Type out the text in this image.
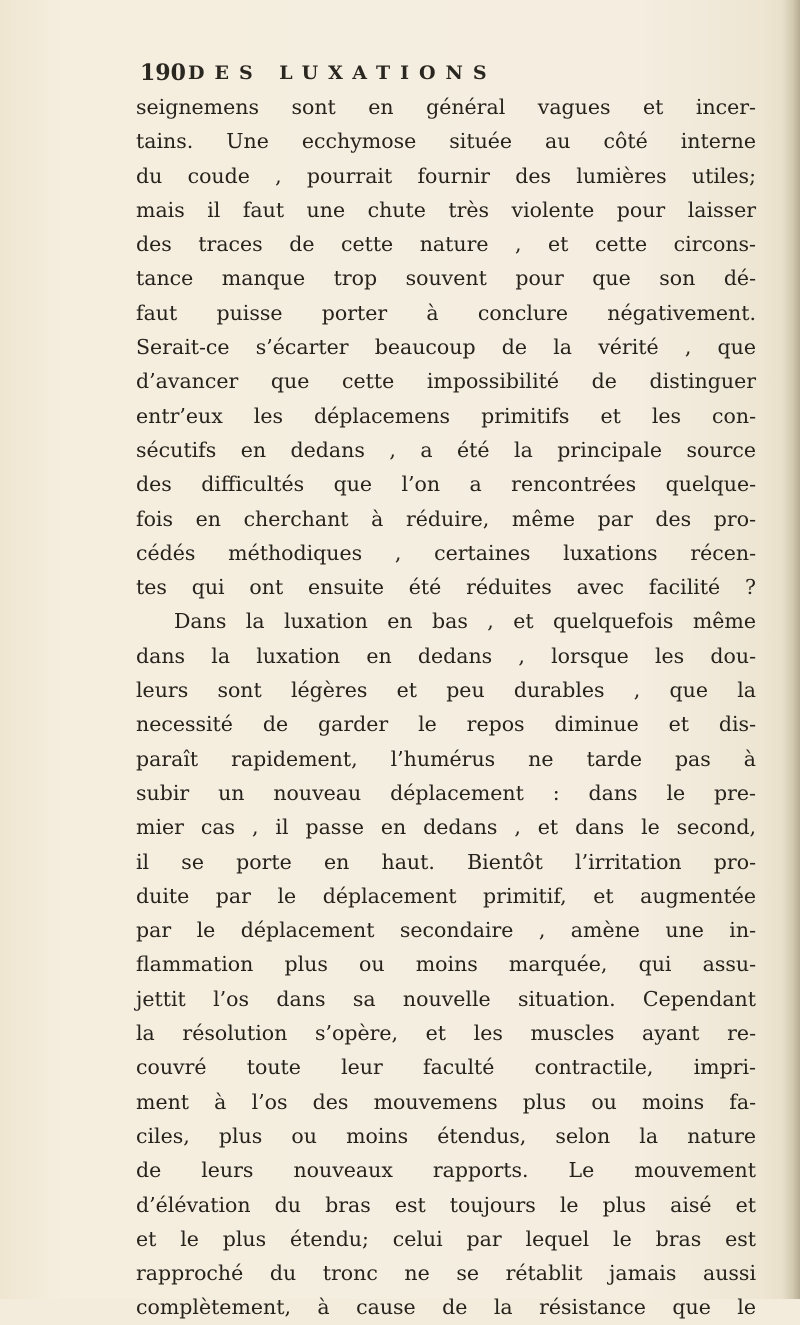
190 DES LUXATIONS
seignemens sont en général vagues et incer-
tains. Une ecchymose située au côté interne
du coude , pourrait fournir des lumières utiles;
mais il faut une chute très violente pour laisser
des traces de cette nature , et cette circons-
tance manque trop souvent pour que son dé-
faut puisse porter à conclure négativement.
Serait-ce s’écarter beaucoup de la vérité , que
d’avancer que cette impossibilité de distinguer
entr’eux les déplacemens primitifs et les con-
sécutifs en dedans , a été la principale source
des difficultés que l’on a rencontrées quelque-
fois en cherchant à réduire, même par des pro-
cédés méthodiques , certaines luxations récen-
tes qui ont ensuite été réduites avec facilité ?
Dans la luxation en bas , et quelquefois même
dans la luxation en dedans , lorsque les dou-
leurs sont légères et peu durables , que la
necessité de garder le repos diminue et dis-
paraît rapidement, l’humérus ne tarde pas à
subir un nouveau déplacement : dans le pre-
mier cas , il passe en dedans , et dans le second,
il se porte en haut. Bientôt l’irritation pro-
duite par le déplacement primitif, et augmentée
par le déplacement secondaire , amène une in-
flammation plus ou moins marquée, qui assu-
jettit l’os dans sa nouvelle situation. Cependant
la résolution s’opère, et les muscles ayant re-
couvré toute leur faculté contractile, impri-
ment à l’os des mouvemens plus ou moins fa-
ciles, plus ou moins étendus, selon la nature
de leurs nouveaux rapports. Le mouvement
d’élévation du bras est toujours le plus aisé et
et le plus étendu; celui par lequel le bras est
rapproché du tronc ne se rétablit jamais aussi
complètement, à cause de la résistance que le
